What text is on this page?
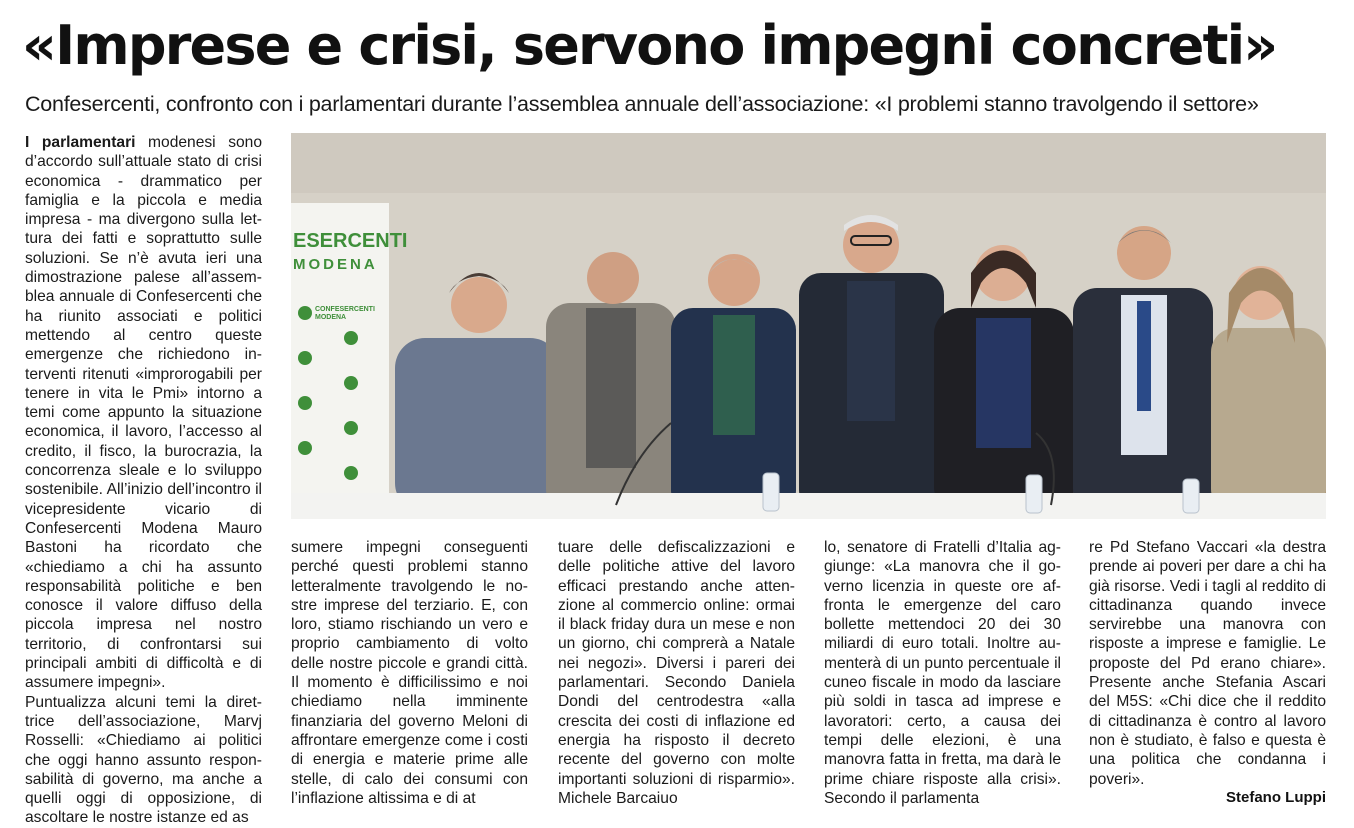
«Imprese e crisi, servono impegni concreti»

Confesercenti, confronto con i parlamentari durante l’assemblea annuale dell’associazione: «I problemi stanno travolgendo il settore»

ESERCENTI
MODENA
CONFESERCENTI
MODENA

I parlamentari modenesi sono d’accordo sull’attuale stato di crisi economica - drammatico per famiglia e la piccola e media impresa - ma divergono sulla lettura dei fatti e soprattutto sulle soluzioni. Se n’è avuta ieri una dimostrazione palese all’assemblea annuale di Confesercenti che ha riunito associati e politici mettendo al centro queste emergenze che richiedono interventi ritenuti «improrogabili per tenere in vita le Pmi» intorno a temi come appunto la situazione economica, il lavoro, l’accesso al credito, il fisco, la burocrazia, la concorrenza sleale e lo sviluppo sostenibile. All’inizio dell’incontro il vicepresidente vicario di Confesercenti Modena Mauro Bastoni ha ricordato che «chiediamo a chi ha assunto responsabilità politiche e ben conosce il valore diffuso della piccola impresa nel nostro territorio, di confrontarsi sui principali ambiti di difficoltà e di assumere impegni».

Puntualizza alcuni temi la direttrice dell’associazione, Marvj Rosselli: «Chiediamo ai politici che oggi hanno assunto responsabilità di governo, ma anche a quelli oggi di opposizione, di ascoltare le nostre istanze ed as

sumere impegni conseguenti perché questi problemi stanno letteralmente travolgendo le nostre imprese del terziario. E, con loro, stiamo rischiando un vero e proprio cambiamento di volto delle nostre piccole e grandi città. Il momento è difficilissimo e noi chiediamo nella imminente finanziaria del governo Meloni di affrontare emergenze come i costi di energia e materie prime alle stelle, di calo dei consumi con l’inflazione altissima e di at

tuare delle defiscalizzazioni e delle politiche attive del lavoro efficaci prestando anche attenzione al commercio online: ormai il black friday dura un mese e non un giorno, chi comprerà a Natale nei negozi». Diversi i pareri dei parlamentari. Secondo Daniela Dondi del centrodestra «alla crescita dei costi di inflazione ed energia ha risposto il decreto recente del governo con molte importanti soluzioni di risparmio». Michele Barcaiuo

lo, senatore di Fratelli d’Italia aggiunge: «La manovra che il governo licenzia in queste ore affronta le emergenze del caro bollette mettendoci 20 dei 30 miliardi di euro totali. Inoltre aumenterà di un punto percentuale il cuneo fiscale in modo da lasciare più soldi in tasca ad imprese e lavoratori: certo, a causa dei tempi delle elezioni, è una manovra fatta in fretta, ma darà le prime chiare risposte alla crisi». Secondo il parlamenta

re Pd Stefano Vaccari «la destra prende ai poveri per dare a chi ha già risorse. Vedi i tagli al reddito di cittadinanza quando invece servirebbe una manovra con risposte a imprese e famiglie. Le proposte del Pd erano chiare». Presente anche Stefania Ascari del M5S: «Chi dice che il reddito di cittadinanza è contro al lavoro non è studiato, è falso e questa è una politica che condanna i poveri».

Stefano Luppi
